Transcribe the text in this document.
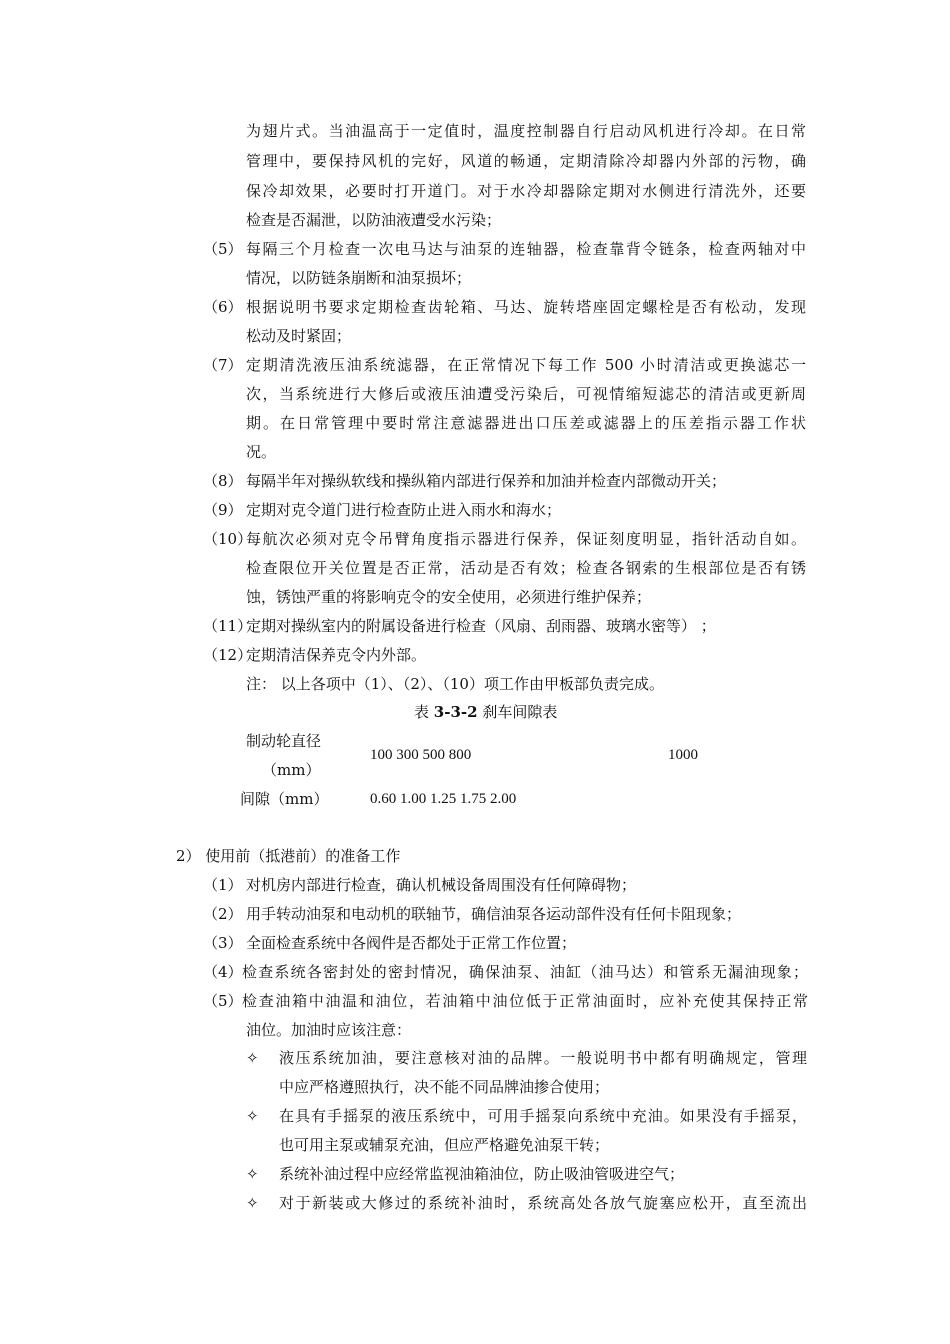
为翅片式。当油温高于一定值时，温度控制器自行启动风机进行冷却。在日常
管理中，要保持风机的完好，风道的畅通，定期清除冷却器内外部的污物，确
保冷却效果，必要时打开道门。对于水冷却器除定期对水侧进行清洗外，还要
检查是否漏泄，以防油液遭受水污染；
（5） 每隔三个月检查一次电马达与油泵的连轴器，检查靠背令链条，检查两轴对中
情况，以防链条崩断和油泵损坏；
（6） 根据说明书要求定期检查齿轮箱、马达、旋转塔座固定螺栓是否有松动，发现
松动及时紧固；
（7） 定期清洗液压油系统滤器，在正常情况下每工作 500 小时清洁或更换滤芯一
次，当系统进行大修后或液压油遭受污染后，可视情缩短滤芯的清洁或更新周
期。在日常管理中要时常注意滤器进出口压差或滤器上的压差指示器工作状
况。
（8） 每隔半年对操纵软线和操纵箱内部进行保养和加油并检查内部微动开关；
（9） 定期对克令道门进行检查防止进入雨水和海水；
（10）
每航次必须对克令吊臂角度指示器进行保养，保证刻度明显，指针活动自如。
检查限位开关位置是否正常，活动是否有效；检查各钢索的生根部位是否有锈
蚀，锈蚀严重的将影响克令的安全使用，必须进行维护保养；
（11）
定期对操纵室内的附属设备进行检查（风扇、刮雨器、玻璃水密等） ；
（12）
定期清洁保养克令内外部。
注： 以上各项中（1）、（2）、（10）项工作由甲板部负责完成。
表 3-3-2 刹车间隙表
制动轮直径
（mm）
100 300 500 800	1000
间隙（mm）	0.60 1.00 1.25 1.75 2.00
2） 使用前（抵港前）的准备工作
（1） 对机房内部进行检查，确认机械设备周围没有任何障碍物；
（2） 用手转动油泵和电动机的联轴节，确信油泵各运动部件没有任何卡阻现象；
（3） 全面检查系统中各阀件是否都处于正常工作位置；
（4） 检查系统各密封处的密封情况，确保油泵、油缸（油马达）和管系无漏油现象；
（5） 检查油箱中油温和油位，若油箱中油位低于正常油面时，应补充使其保持正常
油位。加油时应该注意：
✧ 液压系统加油，要注意核对油的品牌。一般说明书中都有明确规定，管理
中应严格遵照执行，决不能不同品牌油掺合使用；
✧ 在具有手摇泵的液压系统中，可用手摇泵向系统中充油。如果没有手摇泵，
也可用主泵或辅泵充油，但应严格避免油泵干转；
✧ 系统补油过程中应经常监视油箱油位，防止吸油管吸进空气；
✧ 对于新装或大修过的系统补油时，系统高处各放气旋塞应松开，直至流出
